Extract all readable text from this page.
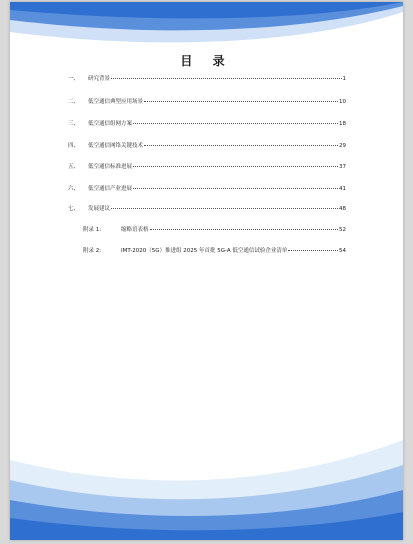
目 录
一、	研究背景	1
二、	低空通信典型应用场景	10
三、	低空通信组网方案	18
四、	低空通信网络关键技术	29
五、	低空通信标准进展	37
六、	低空通信产业进展	41
七、	发展建议	48
附录 1:	缩略语表格	52
附录 2:	IMT-2020（5G）推进组 2025 年首批 5G-A 低空通信试验企业清单	54
